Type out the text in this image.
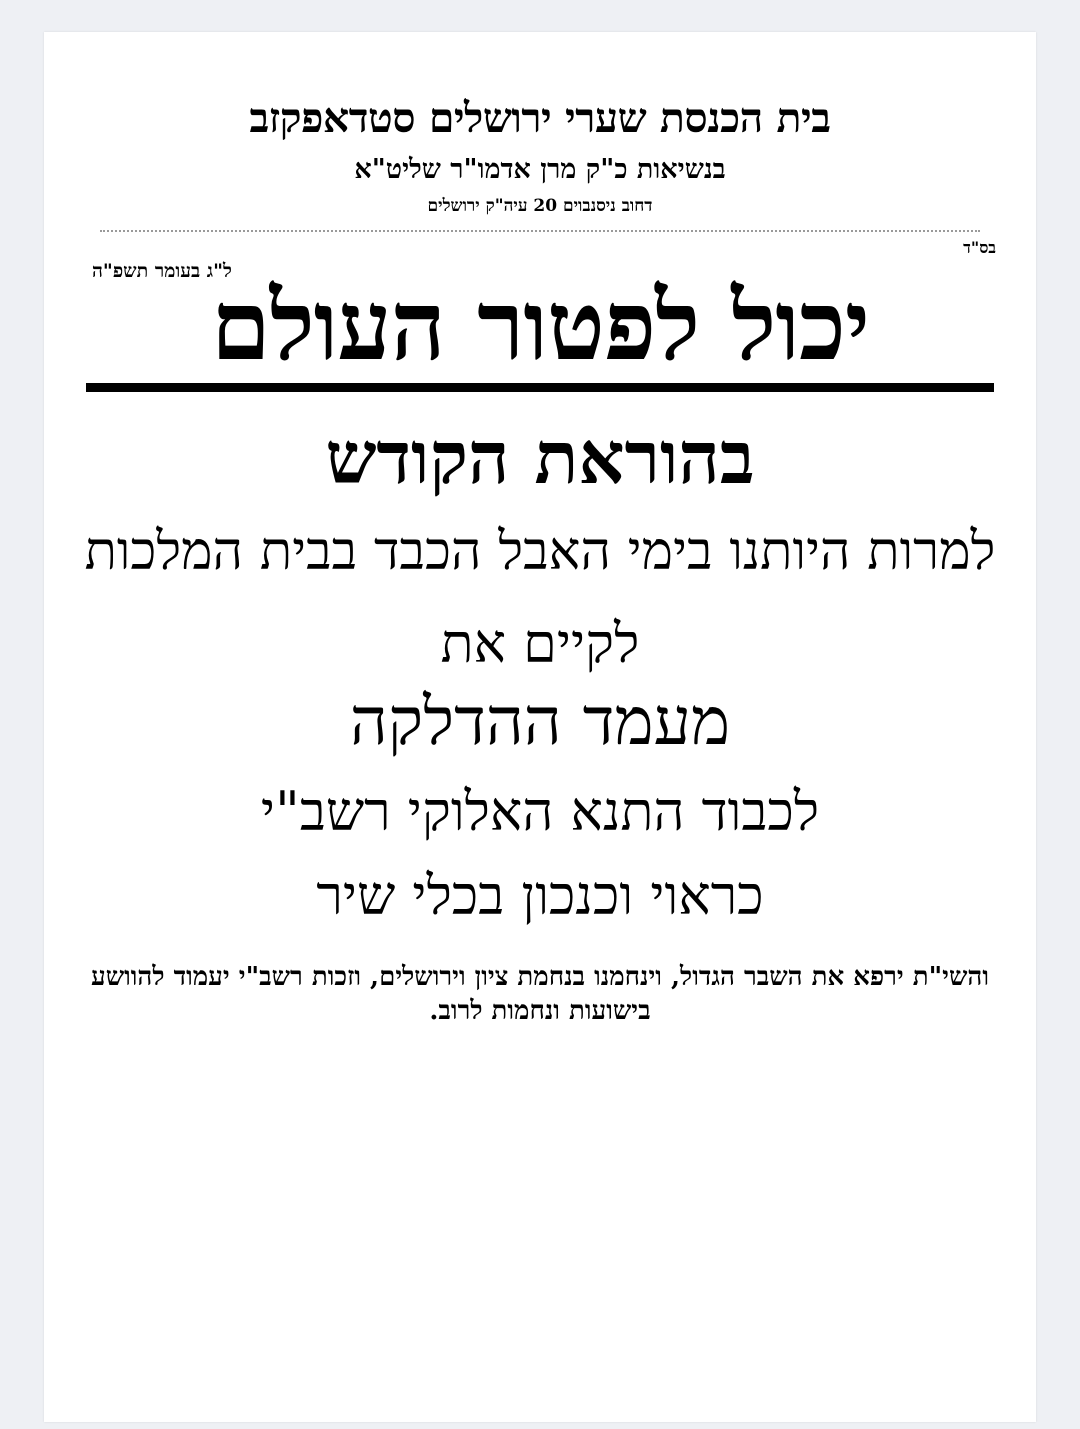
בית הכנסת שערי ירושלים סטדאפקזב
בנשיאות כ"ק מרן אדמו"ר שליט"א
דחוב ניסנבוים 20 עיה"ק ירושלים
בס"ד
ל"ג בעומר תשפ"ה
יכול לפטור העולם
בהוראת הקודש
למרות היותנו בימי האבל הכבד בבית המלכות
לקיים את
מעמד ההדלקה
לכבוד התנא האלוקי רשב"י
כראוי וכנכון בכלי שיר
והשי"ת ירפא את השבר הגדול, וינחמנו בנחמת ציון וירושלים, וזכות רשב"י יעמוד להוושע בישועות ונחמות לרוב.
